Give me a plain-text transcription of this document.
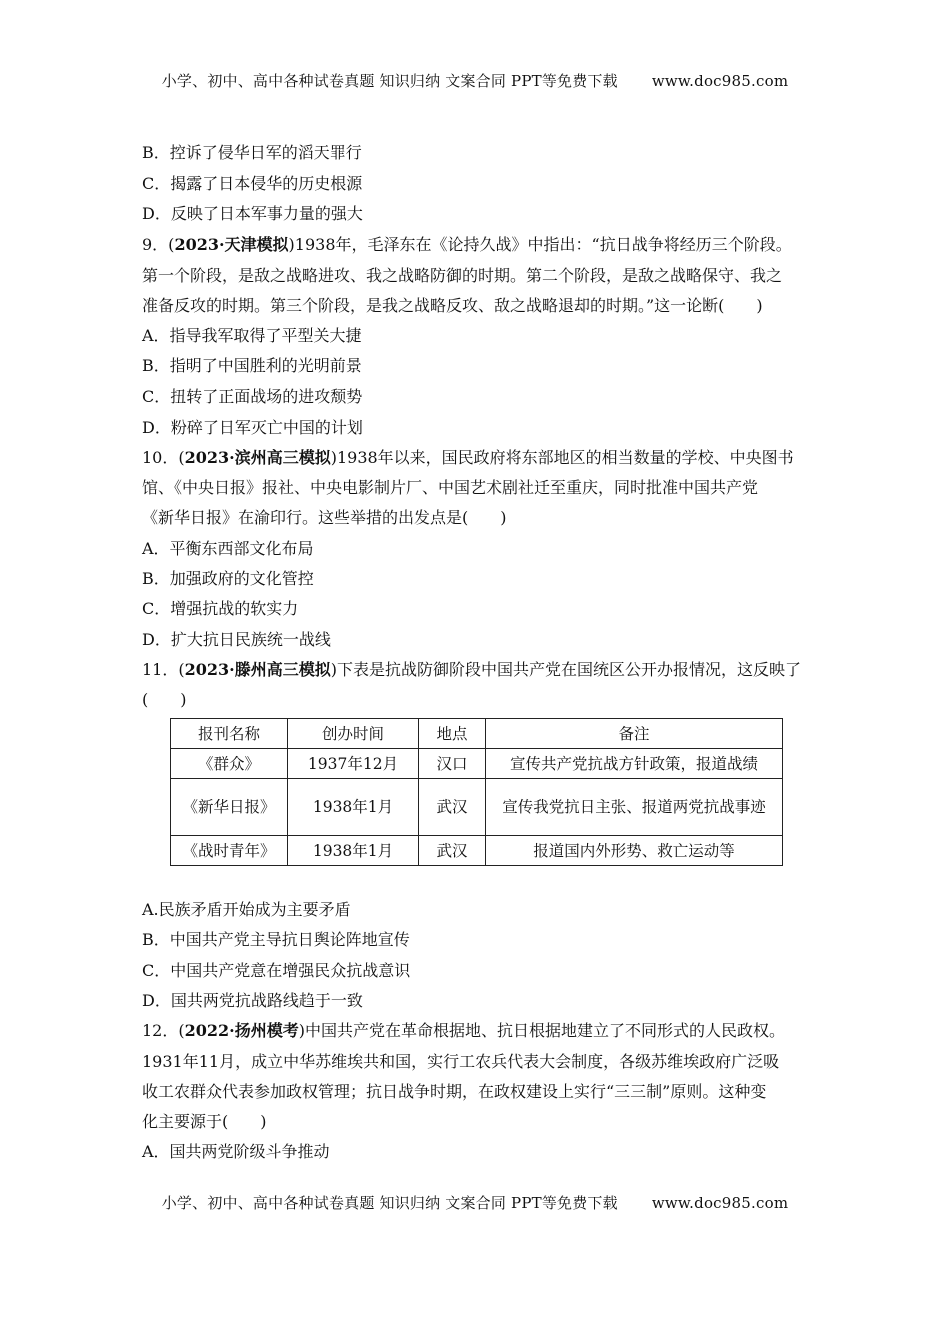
小学、初中、高中各种试卷真题 知识归纳 文案合同 PPT等免费下载 www.doc985.com
B．控诉了侵华日军的滔天罪行
C．揭露了日本侵华的历史根源
D．反映了日本军事力量的强大
9．(2023·天津模拟)1938年，毛泽东在《论持久战》中指出：“抗日战争将经历三个阶段。
第一个阶段，是敌之战略进攻、我之战略防御的时期。第二个阶段，是敌之战略保守、我之
准备反攻的时期。第三个阶段，是我之战略反攻、敌之战略退却的时期。”这一论断(　　)
A．指导我军取得了平型关大捷
B．指明了中国胜利的光明前景
C．扭转了正面战场的进攻颓势
D．粉碎了日军灭亡中国的计划
10．(2023·滨州高三模拟)1938年以来，国民政府将东部地区的相当数量的学校、中央图书
馆、《中央日报》报社、中央电影制片厂、中国艺术剧社迁至重庆，同时批准中国共产党
《新华日报》在渝印行。这些举措的出发点是(　　)
A．平衡东西部文化布局
B．加强政府的文化管控
C．增强抗战的软实力
D．扩大抗日民族统一战线
11．(2023·滕州高三模拟)下表是抗战防御阶段中国共产党在国统区公开办报情况，这反映了
(　　)
报刊名称	创办时间	地点	备注
《群众》	1937年12月	汉口	宣传共产党抗战方针政策，报道战绩
《新华日报》	1938年1月	武汉	宣传我党抗日主张、报道两党抗战事迹
《战时青年》	1938年1月	武汉	报道国内外形势、救亡运动等
A.民族矛盾开始成为主要矛盾
B．中国共产党主导抗日舆论阵地宣传
C．中国共产党意在增强民众抗战意识
D．国共两党抗战路线趋于一致
12．(2022·扬州模考)中国共产党在革命根据地、抗日根据地建立了不同形式的人民政权。
1931年11月，成立中华苏维埃共和国，实行工农兵代表大会制度，各级苏维埃政府广泛吸
收工农群众代表参加政权管理；抗日战争时期，在政权建设上实行“三三制”原则。这种变
化主要源于(　　)
A．国共两党阶级斗争推动
小学、初中、高中各种试卷真题 知识归纳 文案合同 PPT等免费下载 www.doc985.com
